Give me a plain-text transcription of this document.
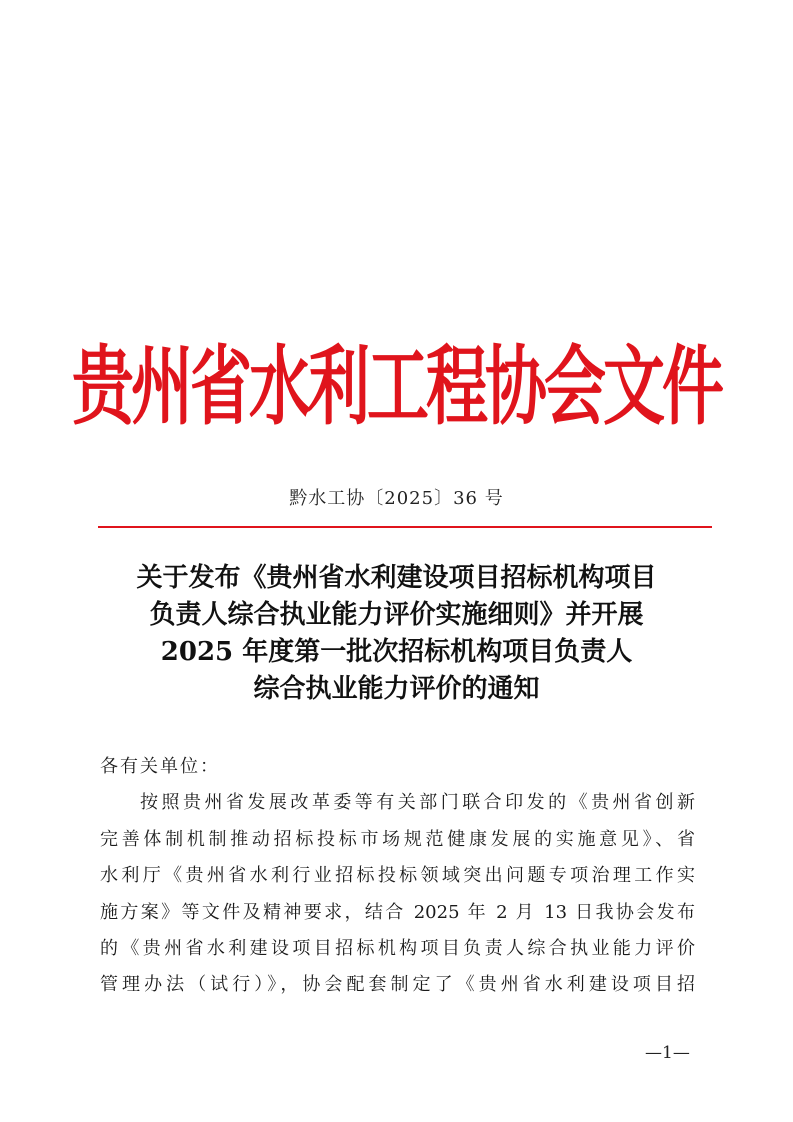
贵州省水利工程协会文件
黔水工协〔2025〕36 号
关于发布《贵州省水利建设项目招标机构项目
负责人综合执业能力评价实施细则》并开展
2025 年度第一批次招标机构项目负责人
综合执业能力评价的通知
各有关单位：
按照贵州省发展改革委等有关部门联合印发的《贵州省创新
完善体制机制推动招标投标市场规范健康发展的实施意见》、省
水利厅《贵州省水利行业招标投标领域突出问题专项治理工作实
施方案》等文件及精神要求，结合 2025 年 2 月 13 日我协会发布
的《贵州省水利建设项目招标机构项目负责人综合执业能力评价
管理办法（试行）》，协会配套制定了《贵州省水利建设项目招
—1—
